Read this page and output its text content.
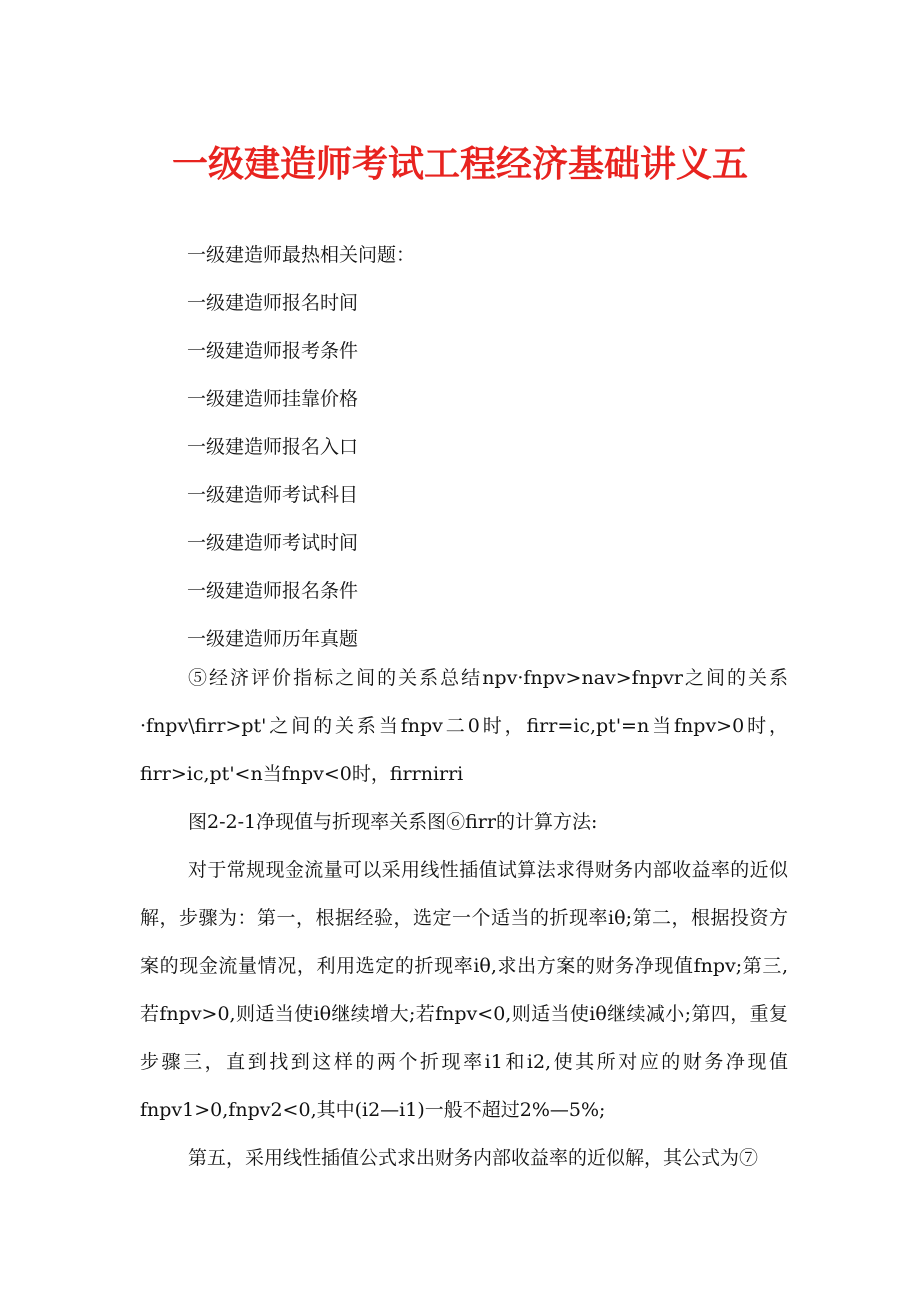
一级建造师考试工程经济基础讲义五
一级建造师最热相关问题：
一级建造师报名时间
一级建造师报考条件
一级建造师挂靠价格
一级建造师报名入口
一级建造师考试科目
一级建造师考试时间
一级建造师报名条件
一级建造师历年真题

⑤经济评价指标之间的关系总结npv·fnpv>nav>fnpvr之间的关系·fnpv\firr>pt'之间的关系当fnpv二0时，firr=ic,pt'=n当fnpv>0时，firr>ic,pt'<n当fnpv<0时，firrnirri

图2-2-1净现值与折现率关系图⑥firr的计算方法:

对于常规现金流量可以采用线性插值试算法求得财务内部收益率的近似解，步骤为：第一，根据经验，选定一个适当的折现率iθ;第二，根据投资方案的现金流量情况，利用选定的折现率iθ,求出方案的财务净现值fnpv;第三,若fnpv>0,则适当使iθ继续增大;若fnpv<0,则适当使iθ继续减小;第四，重复步骤三，直到找到这样的两个折现率i1和i2,使其所对应的财务净现值fnpv1>0,fnpv2<0,其中(i2—i1)一般不超过2%—5%;

第五，采用线性插值公式求出财务内部收益率的近似解，其公式为⑦
